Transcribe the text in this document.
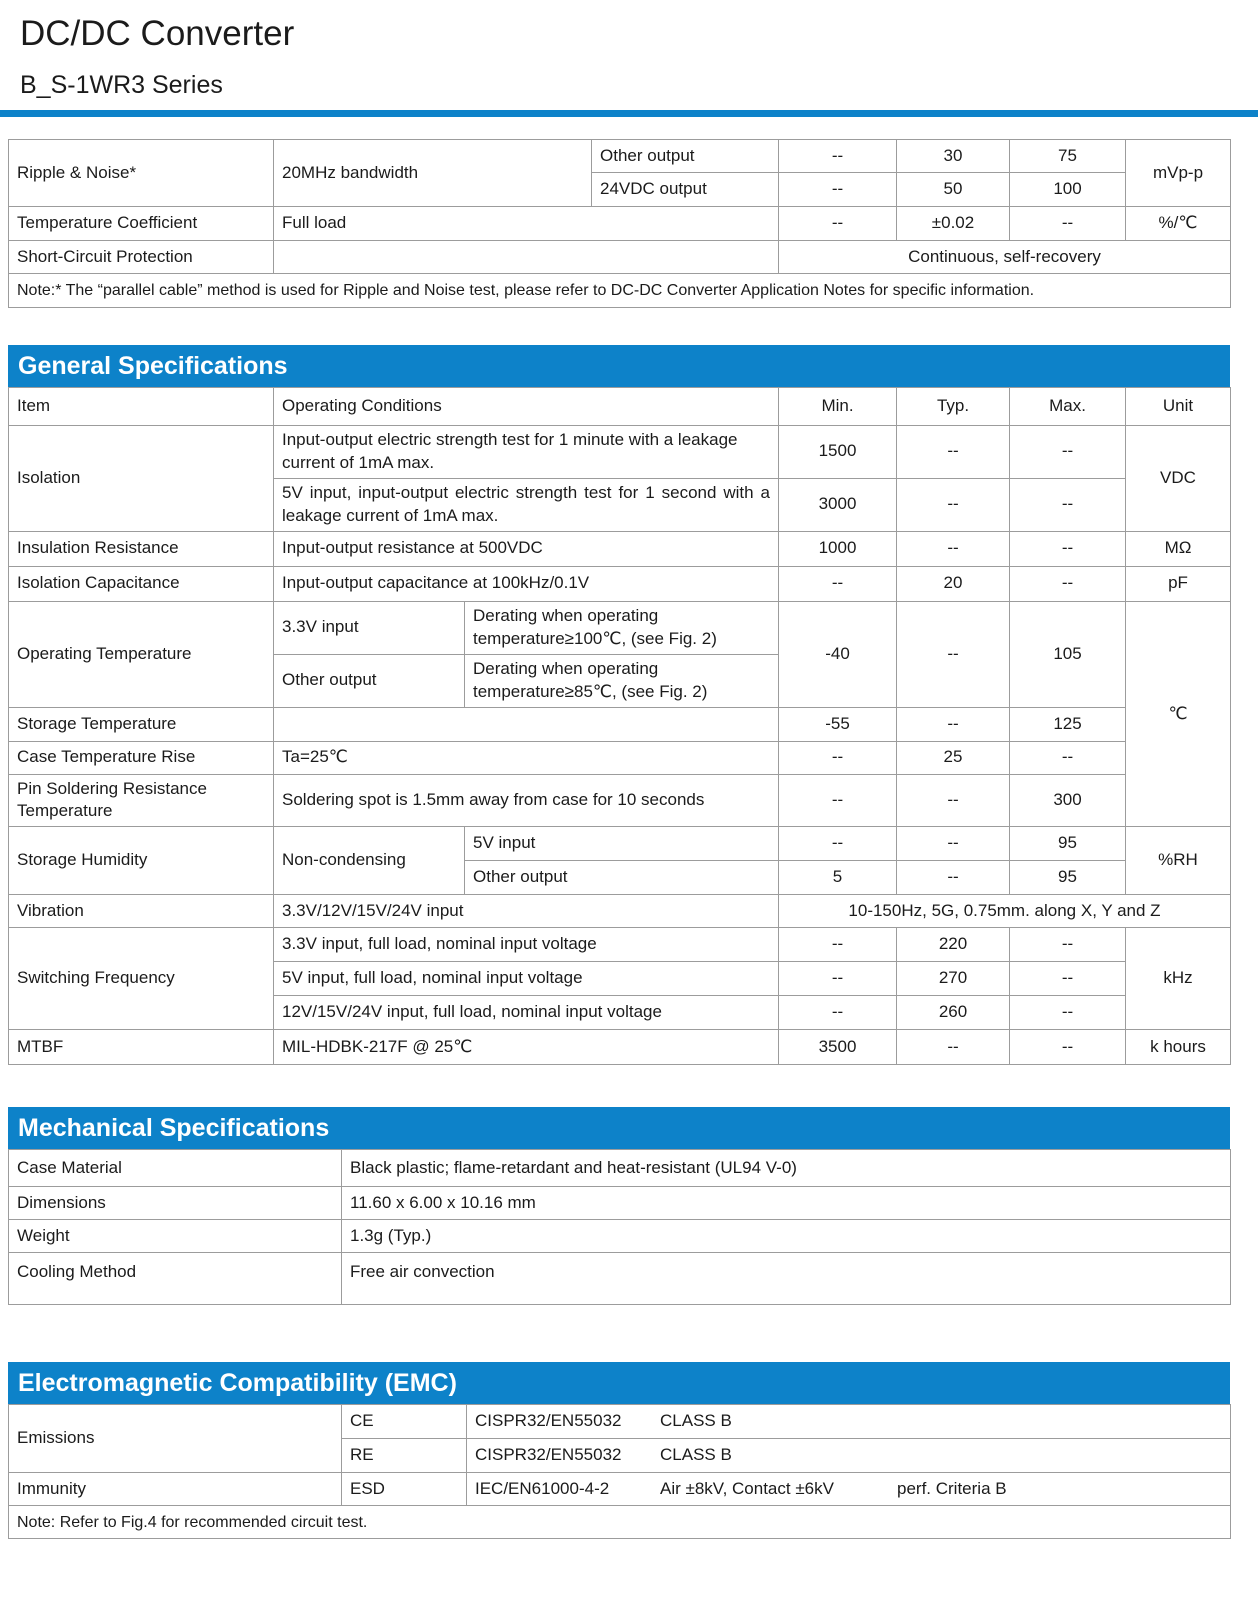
DC/DC Converter
B_S-1WR3 Series
Ripple & Noise*	20MHz bandwidth	Other output	--	30	75	mVp-p
		24VDC output	--	50	100	
Temperature Coefficient	Full load		--	±0.02	--	%/℃
Short-Circuit Protection			Continuous, self-recovery			
Note:* The “parallel cable” method is used for Ripple and Noise test, please refer to DC-DC Converter Application Notes for specific information.						
General Specifications
Item	Operating Conditions		Min.	Typ.	Max.	Unit
Isolation	Input-output electric strength test for 1 minute with a leakage current of 1mA max.		1500	--	--	VDC
	5V input, input-output electric strength test for 1 second with a leakage current of 1mA max.		3000	--	--	
Insulation Resistance	Input-output resistance at 500VDC		1000	--	--	MΩ
Isolation Capacitance	Input-output capacitance at 100kHz/0.1V		--	20	--	pF
Operating Temperature	3.3V input	Derating when operating temperature≥100℃, (see Fig. 2)	-40	--	105	℃
	Other output	Derating when operating temperature≥85℃, (see Fig. 2)				
Storage Temperature			-55	--	125	
Case Temperature Rise	Ta=25℃		--	25	--	
Pin Soldering Resistance Temperature	Soldering spot is 1.5mm away from case for 10 seconds		--	--	300	
Storage Humidity	Non-condensing	5V input	--	--	95	%RH
		Other output	5	--	95	
Vibration	3.3V/12V/15V/24V input		10-150Hz, 5G, 0.75mm. along X, Y and Z			
Switching Frequency	3.3V input, full load, nominal input voltage		--	220	--	kHz
	5V input, full load, nominal input voltage		--	270	--	
	12V/15V/24V input, full load, nominal input voltage		--	260	--	
MTBF	MIL-HDBK-217F @ 25℃		3500	--	--	k hours
Mechanical Specifications
Case Material	Black plastic; flame-retardant and heat-resistant (UL94 V-0)
Dimensions	11.60 x 6.00 x 10.16 mm
Weight	1.3g (Typ.)
Cooling Method	Free air convection
Electromagnetic Compatibility (EMC)
Emissions	CE	CISPR32/EN55032 CLASS B
	RE	CISPR32/EN55032 CLASS B
Immunity	ESD	IEC/EN61000-4-2 Air ±8kV, Contact ±6kV perf. Criteria B
Note: Refer to Fig.4 for recommended circuit test.		
